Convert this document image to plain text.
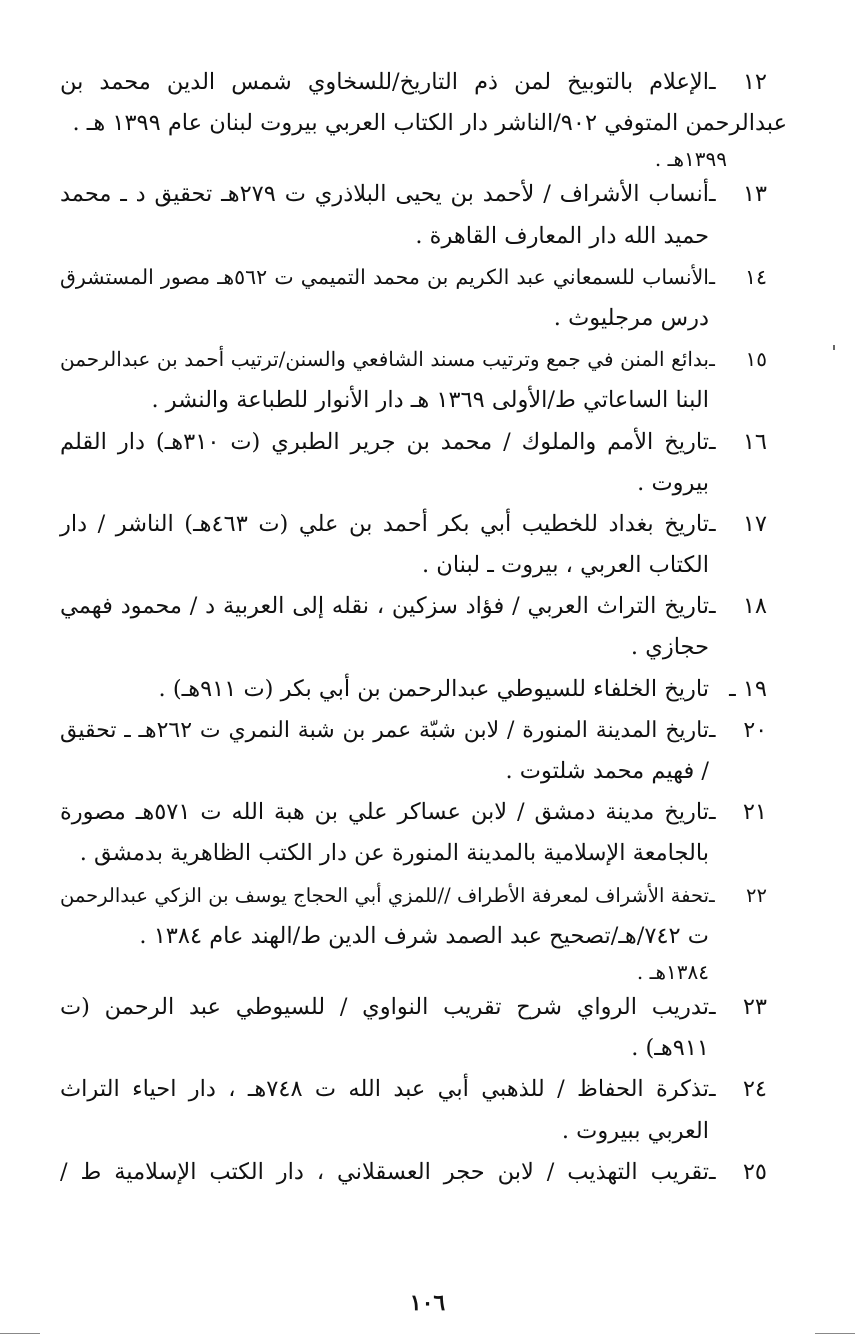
١٢ ـالإعلام بالتوبيخ لمن ذم التاريخ/للسخاوي شمس الدين محمد بن
عبدالرحمن المتوفي ٩٠٢/الناشر دار الكتاب العربي بيروت لبنان عام ١٣٩٩ هـ .
١٣٩٩هـ .
١٣ ـأنساب الأشراف / لأحمد بن يحيى البلاذري ت ٢٧٩هـ تحقيق د ـ محمد
حميد الله دار المعارف القاهرة .
١٤ ـالأنساب للسمعاني عبد الكريم بن محمد التميمي ت ٥٦٢هـ مصور المستشرق
درس مرجليوث .
١٥ ـبدائع المنن في جمع وترتيب مسند الشافعي والسنن/ترتيب أحمد بن عبدالرحمن
البنا الساعاتي ط/الأولى ١٣٦٩ هـ دار الأنوار للطباعة والنشر .
١٦ ـتاريخ الأمم والملوك / محمد بن جرير الطبري (ت ٣١٠هـ) دار القلم
بيروت .
١٧ ـتاريخ بغداد للخطيب أبي بكر أحمد بن علي (ت ٤٦٣هـ) الناشر / دار
الكتاب العربي ، بيروت ـ لبنان .
١٨ ـتاريخ التراث العربي / فؤاد سزكين ، نقله إلى العربية د / محمود فهمي
حجازي .
١٩ ـتاريخ الخلفاء للسيوطي عبدالرحمن بن أبي بكر (ت ٩١١هـ) .
٢٠ ـتاريخ المدينة المنورة / لابن شبّة عمر بن شبة النمري ت ٢٦٢هـ ـ تحقيق
/ فهيم محمد شلتوت .
٢١ ـتاريخ مدينة دمشق / لابن عساكر علي بن هبة الله ت ٥٧١هـ مصورة
بالجامعة الإسلامية بالمدينة المنورة عن دار الكتب الظاهرية بدمشق .
٢٢ ـتحفة الأشراف لمعرفة الأطراف //للمزي أبي الحجاج يوسف بن الزكي عبدالرحمن
ت ٧٤٢/هـ/تصحيح عبد الصمد شرف الدين ط/الهند عام ١٣٨٤ .
١٣٨٤هـ .
٢٣ ـتدريب الرواي شرح تقريب النواوي / للسيوطي عبد الرحمن (ت
٩١١هـ) .
٢٤ ـتذكرة الحفاظ / للذهبي أبي عبد الله ت ٧٤٨هـ ، دار احياء التراث
العربي ببيروت .
٢٥ ـتقريب التهذيب / لابن حجر العسقلاني ، دار الكتب الإسلامية ط /
١٠٦
